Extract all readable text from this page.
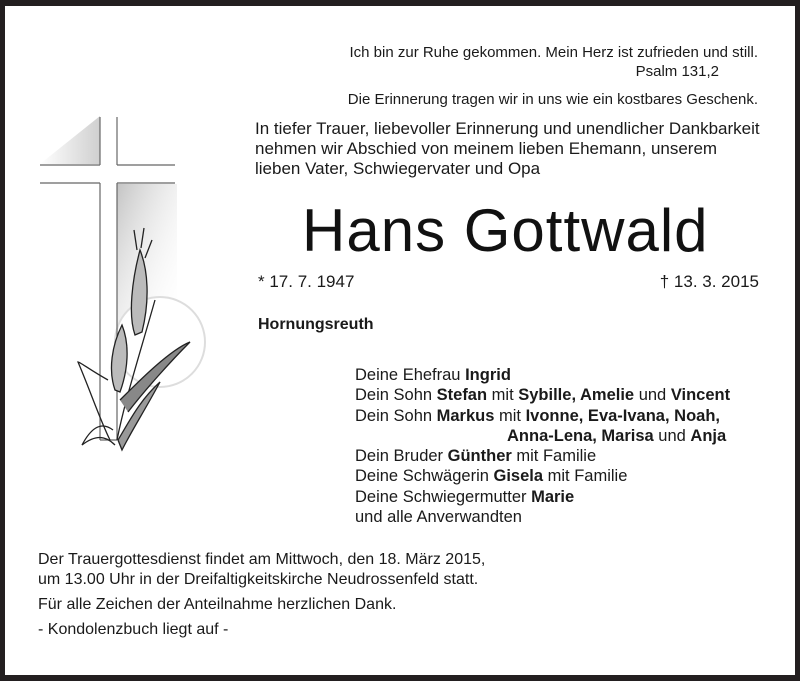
Ich bin zur Ruhe gekommen. Mein Herz ist zufrieden und still.
Psalm 131,2
Die Erinnerung tragen wir in uns wie ein kostbares Geschenk.
In tiefer Trauer, liebevoller Erinnerung und unendlicher Dankbarkeit nehmen wir Abschied von meinem lieben Ehemann, unserem lieben Vater, Schwiegervater und Opa
Hans Gottwald
* 17. 7. 1947	† 13. 3. 2015
Hornungsreuth
Deine Ehefrau Ingrid
Dein Sohn Stefan mit Sybille, Amelie und Vincent
Dein Sohn Markus mit Ivonne, Eva-Ivana, Noah,
Anna-Lena, Marisa und Anja
Dein Bruder Günther mit Familie
Deine Schwägerin Gisela mit Familie
Deine Schwiegermutter Marie
und alle Anverwandten
Der Trauergottesdienst findet am Mittwoch, den 18. März 2015,
um 13.00 Uhr in der Dreifaltigkeitskirche Neudrossenfeld statt.
Für alle Zeichen der Anteilnahme herzlichen Dank.
- Kondolenzbuch liegt auf -
